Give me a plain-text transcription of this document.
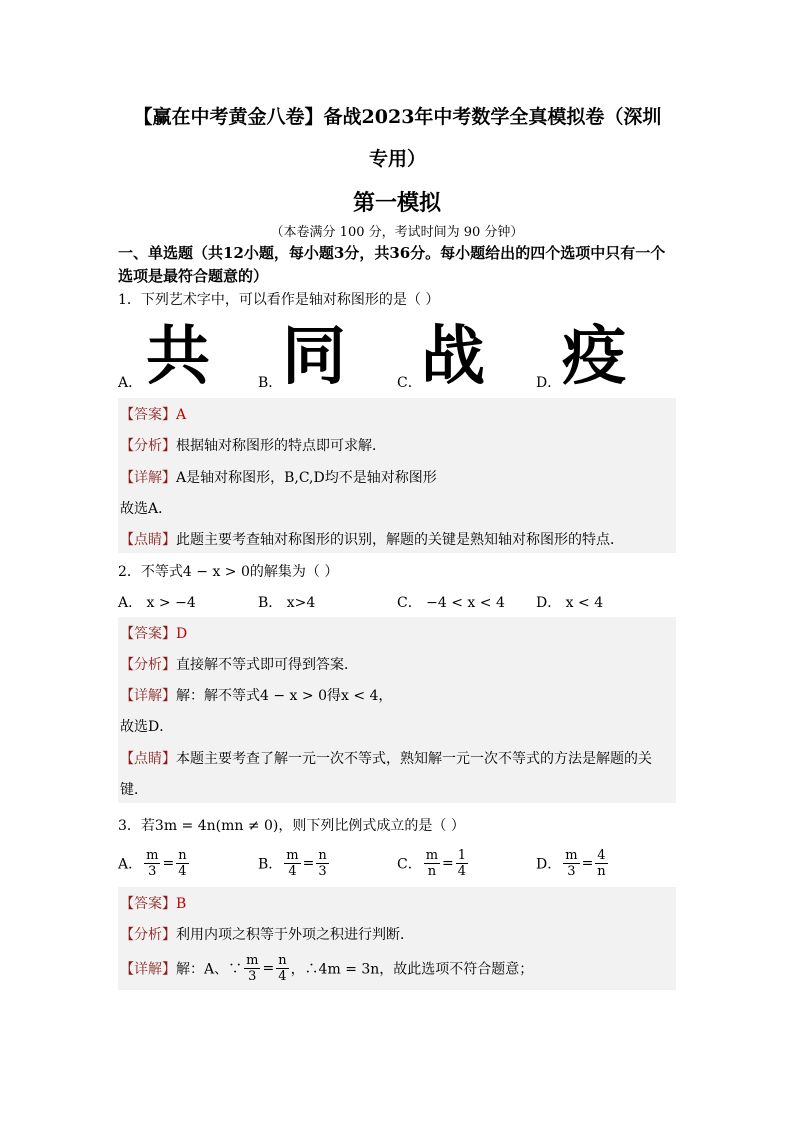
【赢在中考黄金八卷】备战2023年中考数学全真模拟卷（深圳
专用）
第一模拟
（本卷满分 100 分，考试时间为 90 分钟）
一、单选题（共12小题，每小题3分，共36分。每小题给出的四个选项中只有一个选项是最符合题意的）
1．下列艺术字中，可以看作是轴对称图形的是（ ）
A．	B．	C．	D．
共 同 战 疫
【答案】A
【分析】根据轴对称图形的特点即可求解．
【详解】A是轴对称图形，B,C,D均不是轴对称图形
故选A．
【点睛】此题主要考查轴对称图形的识别，解题的关键是熟知轴对称图形的特点．
2．不等式4 − x > 0的解集为（ ）
A． x > −4	B． x>4	C． −4 < x < 4 D． x < 4
【答案】D
【分析】直接解不等式即可得到答案．
【详解】解：解不等式4 − x > 0得x < 4，
故选D．
【点睛】本题主要考查了解一元一次不等式，熟知解一元一次不等式的方法是解题的关
键．
3．若3m = 4n(mn ≠ 0)，则下列比例式成立的是（ ）
A． $\frac{m}{3} = \frac{n}{4}$	B． $\frac{m}{4} = \frac{n}{3}$	C． $\frac{m}{n} = \frac{1}{4}$	D． $\frac{m}{3} = \frac{4}{n}$
【答案】B
【分析】利用内项之积等于外项之积进行判断．
【详解】解：A、∵ $\frac{m}{3} = \frac{n}{4}$ ，∴4m = 3n，故此选项不符合题意；
